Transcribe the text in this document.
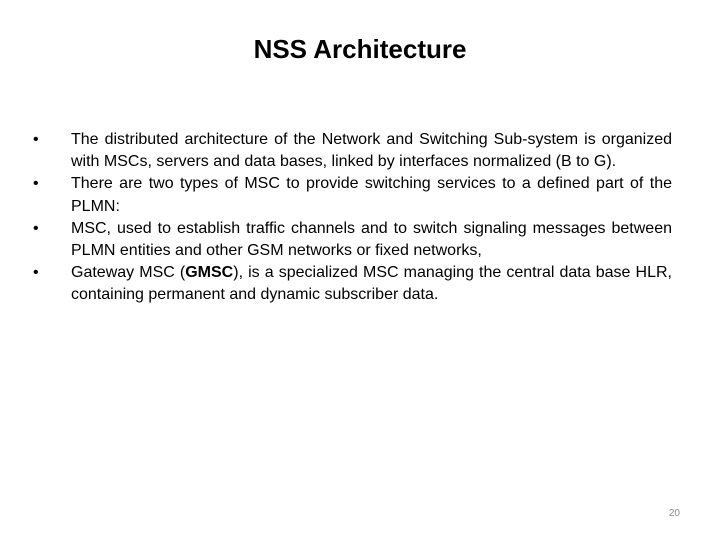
NSS Architecture
•	The distributed architecture of the Network and Switching Sub-system is organized with MSCs, servers and data bases, linked by interfaces normalized (B to G).
•	There are two types of MSC to provide switching services to a defined part of the PLMN:
•	MSC, used to establish traffic channels and to switch signaling messages between PLMN entities and other GSM networks or fixed networks,
•	Gateway MSC (GMSC), is a specialized MSC managing the central data base HLR, containing permanent and dynamic subscriber data.
20
